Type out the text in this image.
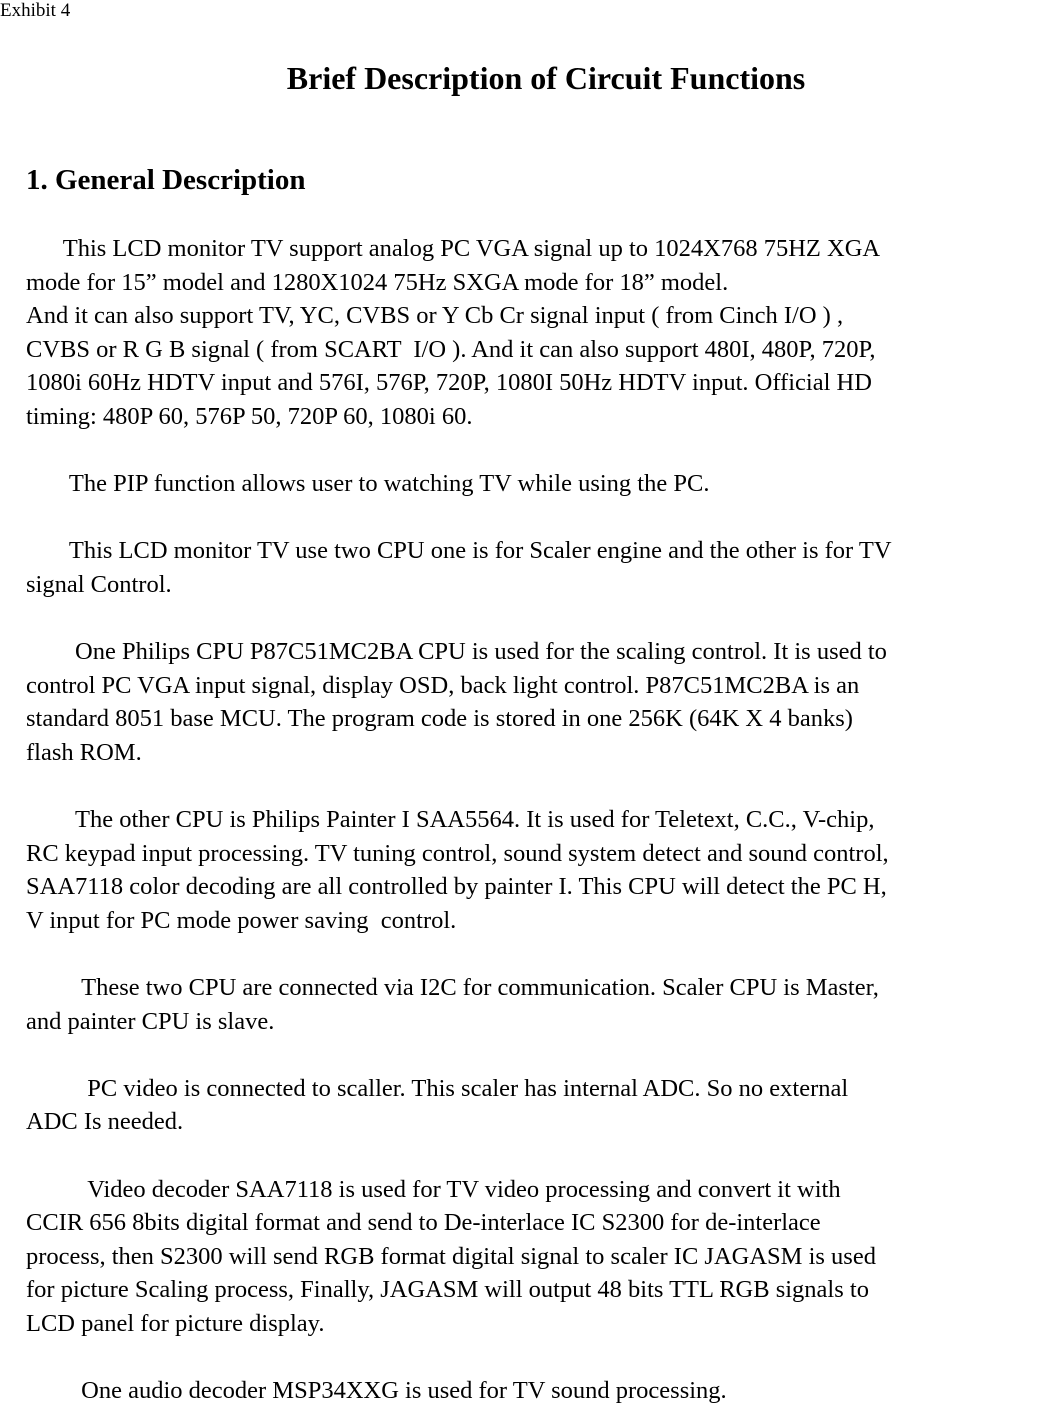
Exhibit 4
Brief Description of Circuit Functions
1. General Description

This LCD monitor TV support analog PC VGA signal up to 1024X768 75HZ XGA

mode for 15” model and 1280X1024 75Hz SXGA mode for 18” model.

And it can also support TV, YC, CVBS or Y Cb Cr signal input ( from Cinch I/O ) ,

CVBS or R G B signal ( from SCART  I/O ). And it can also support 480I, 480P, 720P,

1080i 60Hz HDTV input and 576I, 576P, 720P, 1080I 50Hz HDTV input. Official HD

timing: 480P 60, 576P 50, 720P 60, 1080i 60.

The PIP function allows user to watching TV while using the PC.

This LCD monitor TV use two CPU one is for Scaler engine and the other is for TV

signal Control.

One Philips CPU P87C51MC2BA CPU is used for the scaling control. It is used to

control PC VGA input signal, display OSD, back light control. P87C51MC2BA is an

standard 8051 base MCU. The program code is stored in one 256K (64K X 4 banks)

flash ROM.

The other CPU is Philips Painter I SAA5564. It is used for Teletext, C.C., V-chip,

RC keypad input processing. TV tuning control, sound system detect and sound control,

SAA7118 color decoding are all controlled by painter I. This CPU will detect the PC H,

V input for PC mode power saving  control.

These two CPU are connected via I2C for communication. Scaler CPU is Master,

and painter CPU is slave.

PC video is connected to scaller. This scaler has internal ADC. So no external

ADC Is needed.

Video decoder SAA7118 is used for TV video processing and convert it with

CCIR 656 8bits digital format and send to De-interlace IC S2300 for de-interlace

process, then S2300 will send RGB format digital signal to scaler IC JAGASM is used

for picture Scaling process, Finally, JAGASM will output 48 bits TTL RGB signals to

LCD panel for picture display.

One audio decoder MSP34XXG is used for TV sound processing.
